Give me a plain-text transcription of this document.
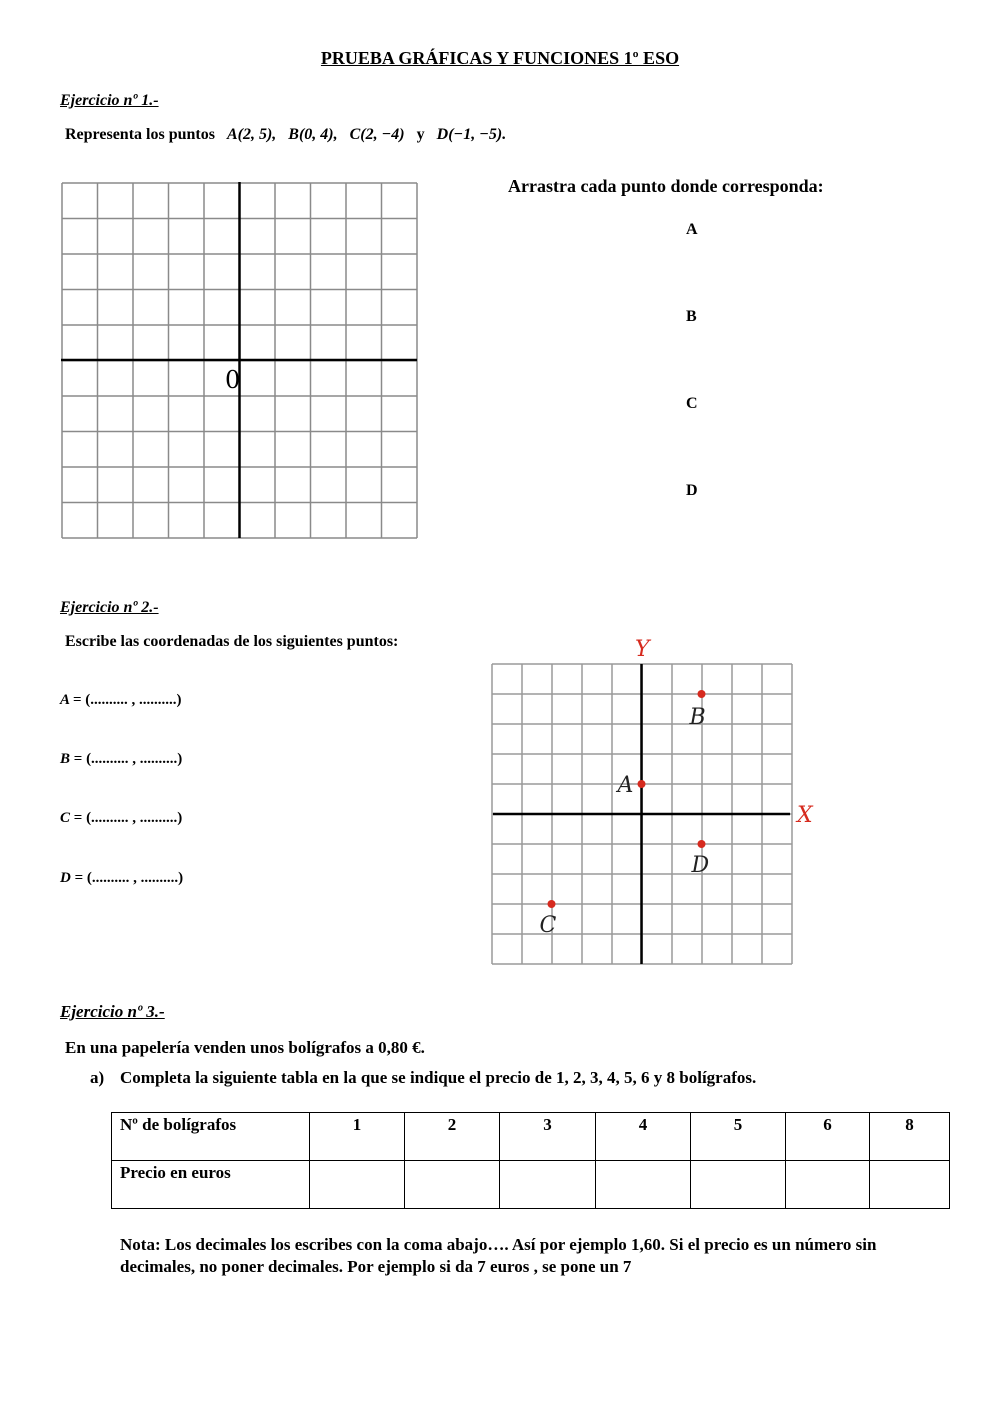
PRUEBA GRÁFICAS Y FUNCIONES 1º ESO
Ejercicio nº 1.-
Representa los puntos A(2, 5), B(0, 4), C(2, −4) y D(−1, −5).
0
Arrastra cada punto donde corresponda:
A
B
C
D
Ejercicio nº 2.-
Escribe las coordenadas de los siguientes puntos:
A = (.......... , ..........)
B = (.......... , ..........)
C = (.......... , ..........)
D = (.......... , ..........)
X
Y
A
B
C
D
Ejercicio nº 3.-
En una papelería venden unos bolígrafos a 0,80 €.
a) Completa la siguiente tabla en la que se indique el precio de 1, 2, 3, 4, 5, 6 y 8 bolígrafos.
Nº de bolígrafos	1	2	3	4	5	6	8
Precio en euros							
Nota: Los decimales los escribes con la coma abajo…. Así por ejemplo 1,60. Si el precio es un número sin decimales, no poner decimales. Por ejemplo si da 7 euros , se pone un 7
